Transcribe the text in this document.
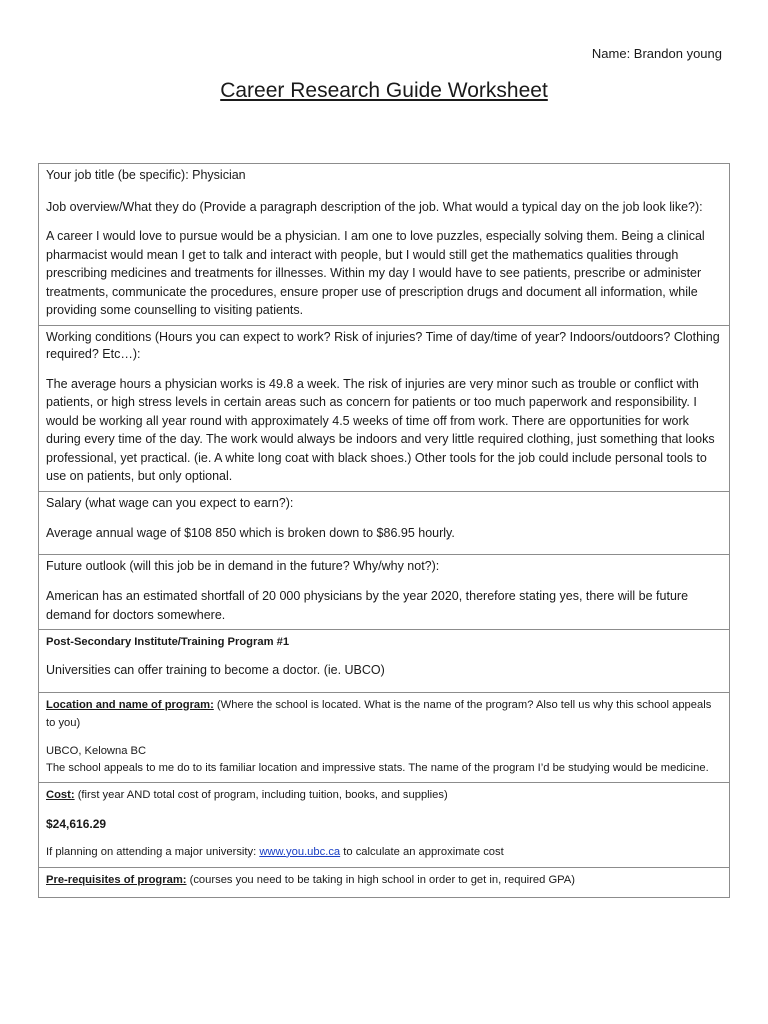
Name: Brandon young
Career Research Guide Worksheet

Your job title (be specific): Physician

Job overview/What they do (Provide a paragraph description of the job. What would a typical day on the job look like?):

A career I would love to pursue would be a physician. I am one to love puzzles, especially solving them. Being a clinical pharmacist would mean I get to talk and interact with people, but I would still get the mathematics qualities through prescribing medicines and treatments for illnesses. Within my day I would have to see patients, prescribe or administer treatments, communicate the procedures, ensure proper use of prescription drugs and document all information, while providing some counselling to visiting patients.

Working conditions (Hours you can expect to work? Risk of injuries? Time of day/time of year? Indoors/outdoors? Clothing required? Etc…):

The average hours a physician works is 49.8 a week. The risk of injuries are very minor such as trouble or conflict with patients, or high stress levels in certain areas such as concern for patients or too much paperwork and responsibility. I would be working all year round with approximately 4.5 weeks of time off from work. There are opportunities for work during every time of the day. The work would always be indoors and very little required clothing, just something that looks professional, yet practical. (ie. A white long coat with black shoes.) Other tools for the job could include personal tools to use on patients, but only optional.

Salary (what wage can you expect to earn?):

Average annual wage of $108 850 which is broken down to $86.95 hourly.

Future outlook (will this job be in demand in the future? Why/why not?):

American has an estimated shortfall of 20 000 physicians by the year 2020, therefore stating yes, there will be future demand for doctors somewhere.

Post-Secondary Institute/Training Program #1

Universities can offer training to become a doctor. (ie. UBCO)

Location and name of program: (Where the school is located. What is the name of the program? Also tell us why this school appeals to you)

UBCO, Kelowna BC

The school appeals to me do to its familiar location and impressive stats. The name of the program I’d be studying would be medicine.

Cost: (first year AND total cost of program, including tuition, books, and supplies)

$24,616.29

If planning on attending a major university: www.you.ubc.ca to calculate an approximate cost

Pre-requisites of program: (courses you need to be taking in high school in order to get in, required GPA)
